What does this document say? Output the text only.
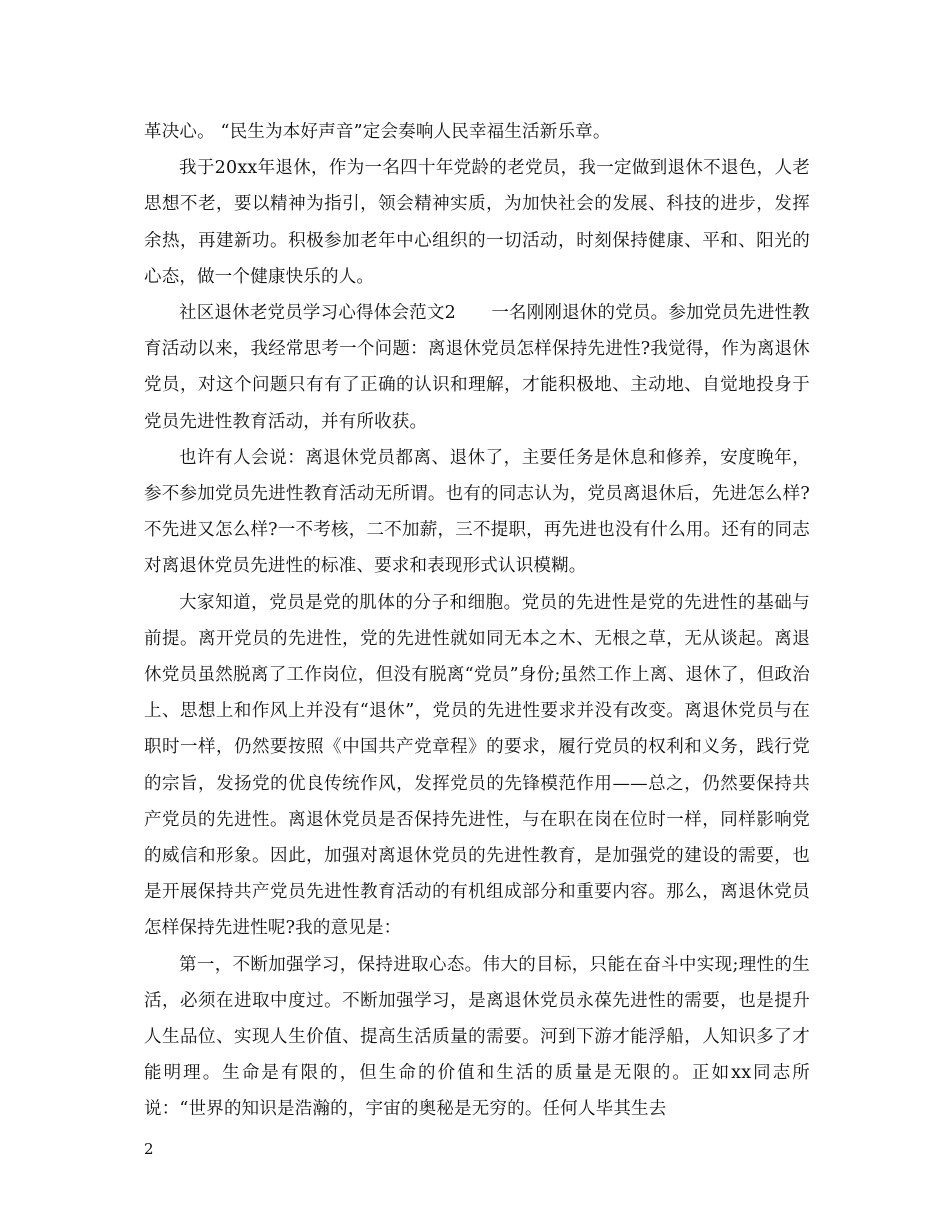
革决心。 “民生为本好声音”定会奏响人民幸福生活新乐章。

我于20xx年退休，作为一名四十年党龄的老党员，我一定做到退休不退色，人老思想不老，要以精神为指引，领会精神实质，为加快社会的发展、科技的进步，发挥余热，再建新功。积极参加老年中心组织的一切活动，时刻保持健康、平和、阳光的心态，做一个健康快乐的人。

社区退休老党员学习心得体会范文2　　一名刚刚退休的党员。参加党员先进性教育活动以来，我经常思考一个问题：离退休党员怎样保持先进性?我觉得，作为离退休党员，对这个问题只有有了正确的认识和理解，才能积极地、主动地、自觉地投身于党员先进性教育活动，并有所收获。

也许有人会说：离退休党员都离、退休了，主要任务是休息和修养，安度晚年，参不参加党员先进性教育活动无所谓。也有的同志认为，党员离退休后，先进怎么样?不先进又怎么样?一不考核，二不加薪，三不提职，再先进也没有什么用。还有的同志对离退休党员先进性的标准、要求和表现形式认识模糊。

大家知道，党员是党的肌体的分子和细胞。党员的先进性是党的先进性的基础与前提。离开党员的先进性，党的先进性就如同无本之木、无根之草，无从谈起。离退休党员虽然脱离了工作岗位，但没有脱离“党员”身份;虽然工作上离、退休了，但政治上、思想上和作风上并没有“退休”，党员的先进性要求并没有改变。离退休党员与在职时一样，仍然要按照《中国共产党章程》的要求，履行党员的权利和义务，践行党的宗旨，发扬党的优良传统作风，发挥党员的先锋模范作用——总之，仍然要保持共产党员的先进性。离退休党员是否保持先进性，与在职在岗在位时一样，同样影响党的威信和形象。因此，加强对离退休党员的先进性教育，是加强党的建设的需要，也是开展保持共产党员先进性教育活动的有机组成部分和重要内容。那么，离退休党员怎样保持先进性呢?我的意见是：

第一，不断加强学习，保持进取心态。伟大的目标，只能在奋斗中实现;理性的生活，必须在进取中度过。不断加强学习，是离退休党员永葆先进性的需要，也是提升人生品位、实现人生价值、提高生活质量的需要。河到下游才能浮船，人知识多了才能明理。生命是有限的，但生命的价值和生活的质量是无限的。正如xx同志所说：“世界的知识是浩瀚的，宇宙的奥秘是无穷的。任何人毕其生去

2
